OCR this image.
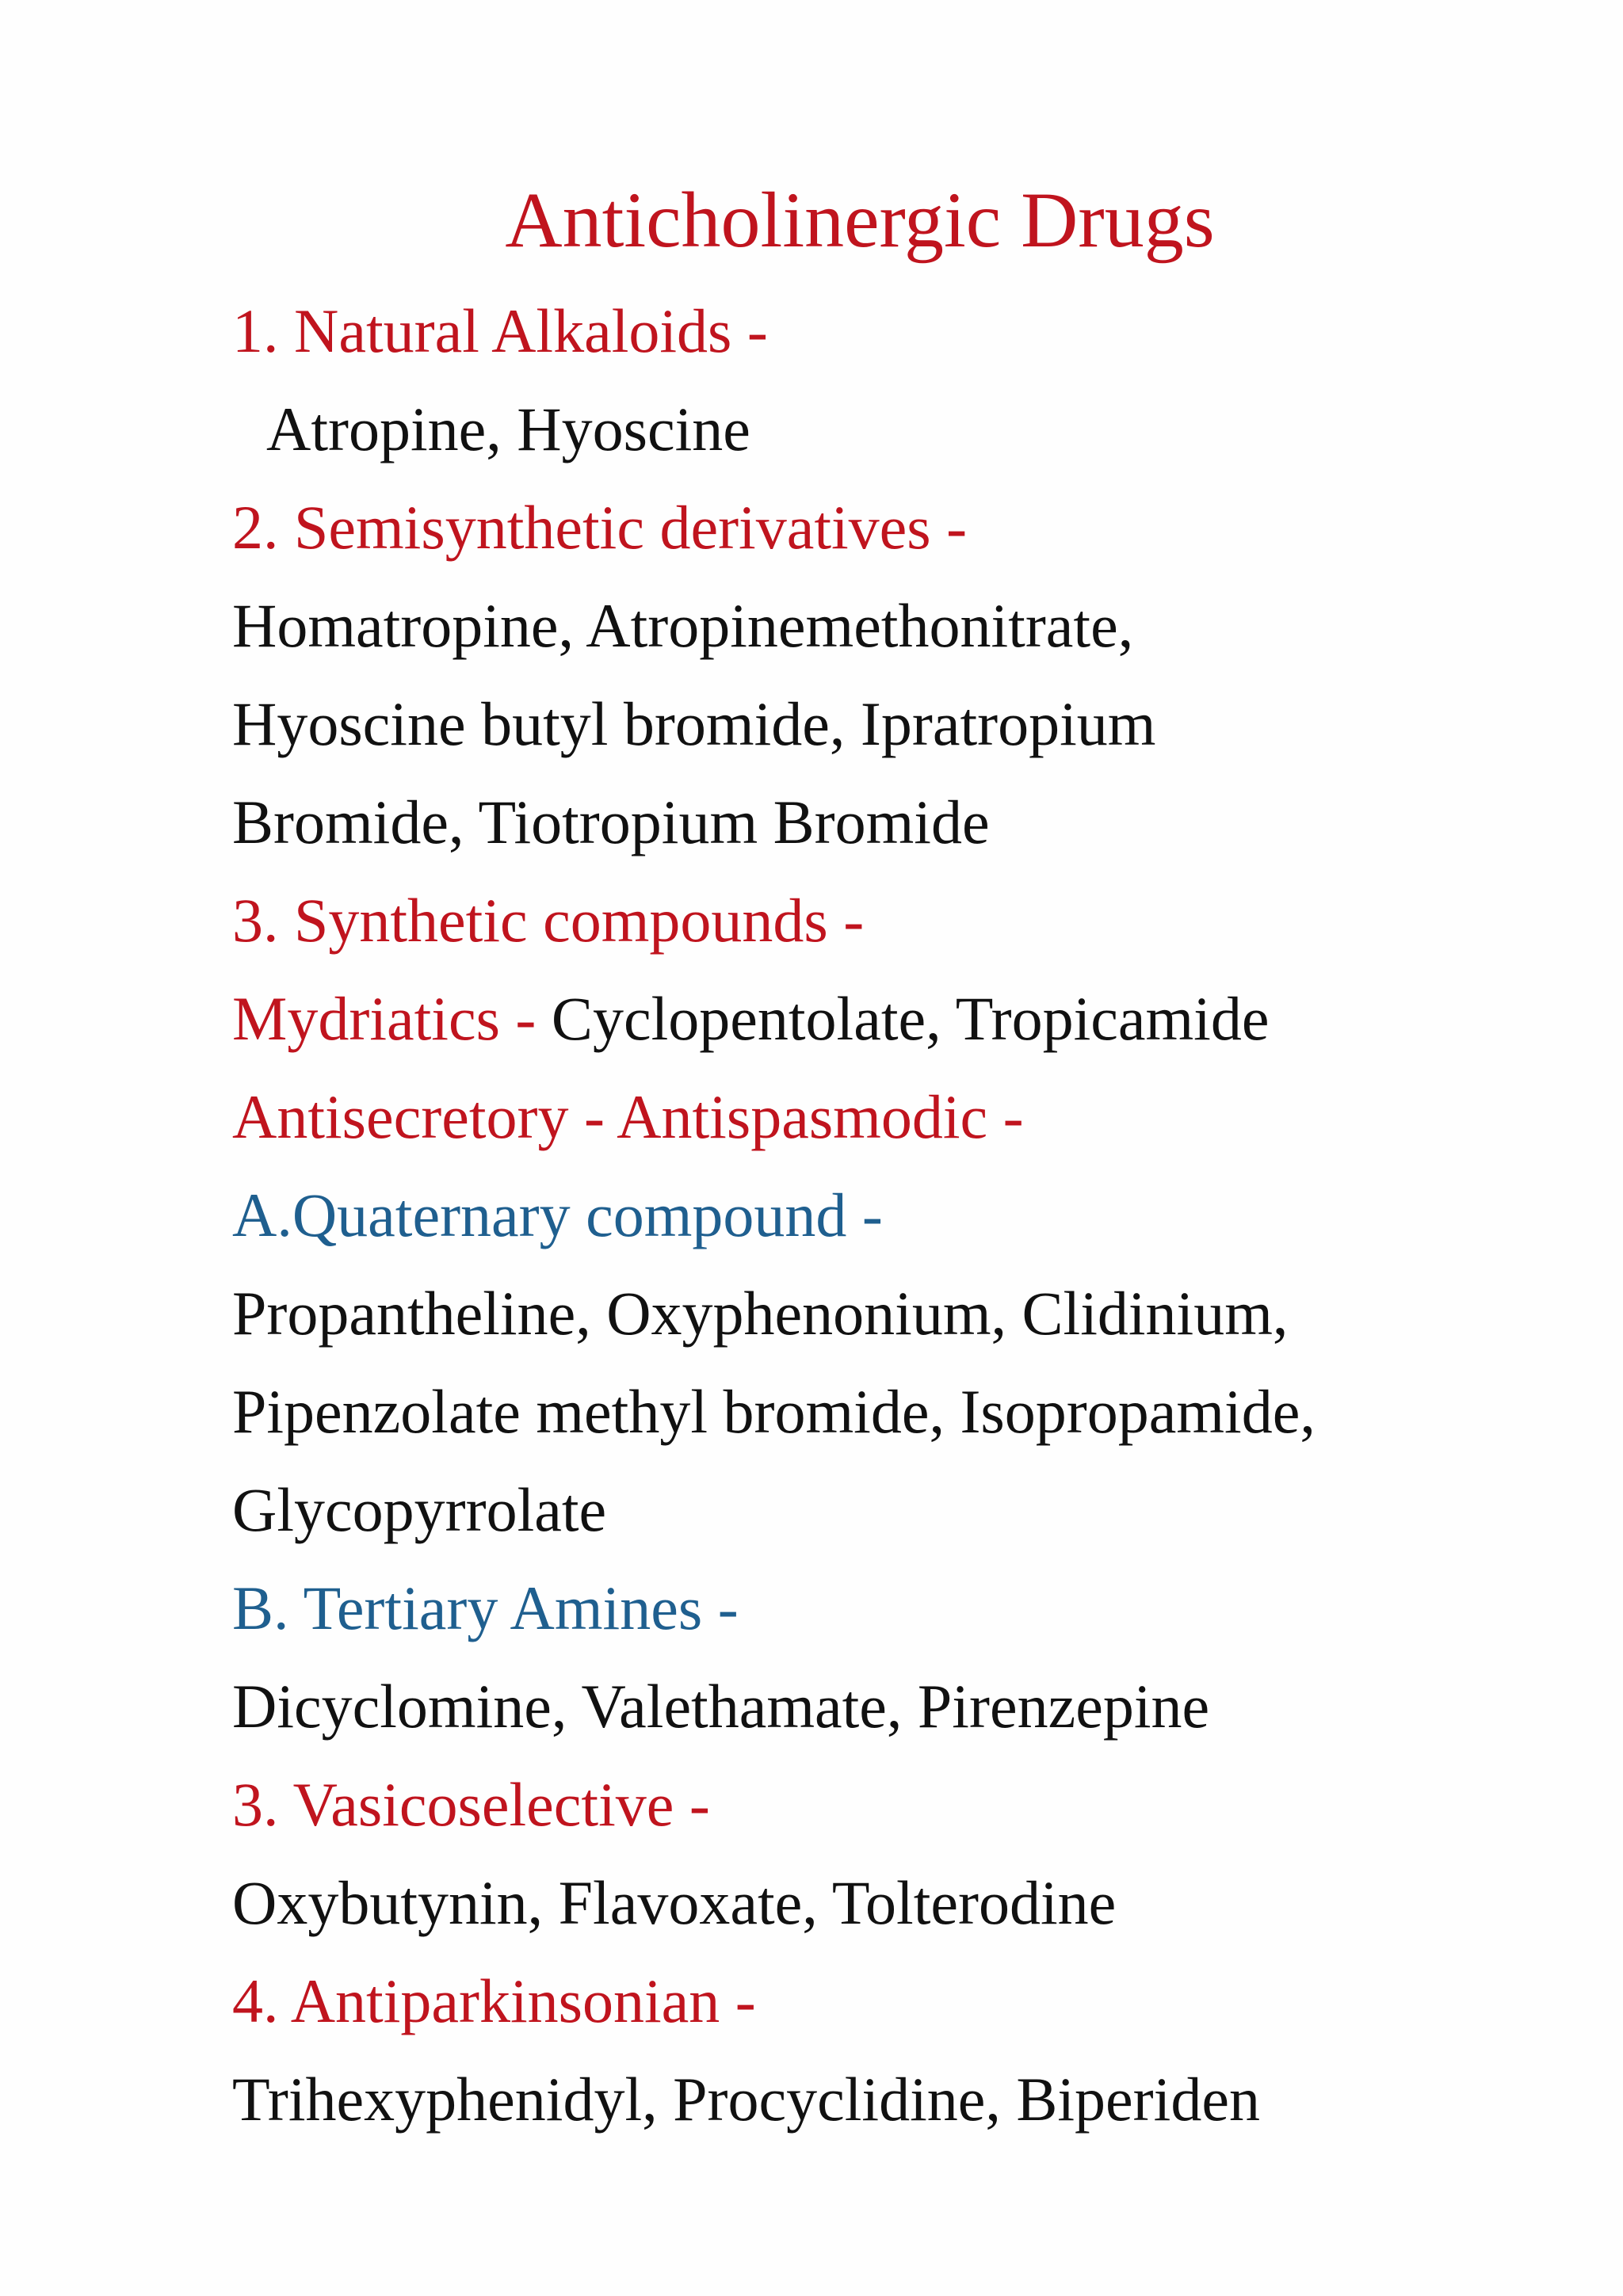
Anticholinergic Drugs
1. Natural Alkaloids -
Atropine, Hyoscine
2. Semisynthetic derivatives -
Homatropine, Atropinemethonitrate,
Hyoscine butyl bromide, Ipratropium
Bromide, Tiotropium Bromide
3. Synthetic compounds -
Mydriatics - Cyclopentolate, Tropicamide
Antisecretory - Antispasmodic -
A.Quaternary compound -
Propantheline, Oxyphenonium, Clidinium,
Pipenzolate methyl bromide, Isopropamide,
Glycopyrrolate
B. Tertiary Amines -
Dicyclomine, Valethamate, Pirenzepine
3. Vasicoselective -
Oxybutynin, Flavoxate, Tolterodine
4. Antiparkinsonian -
Trihexyphenidyl, Procyclidine, Biperiden
